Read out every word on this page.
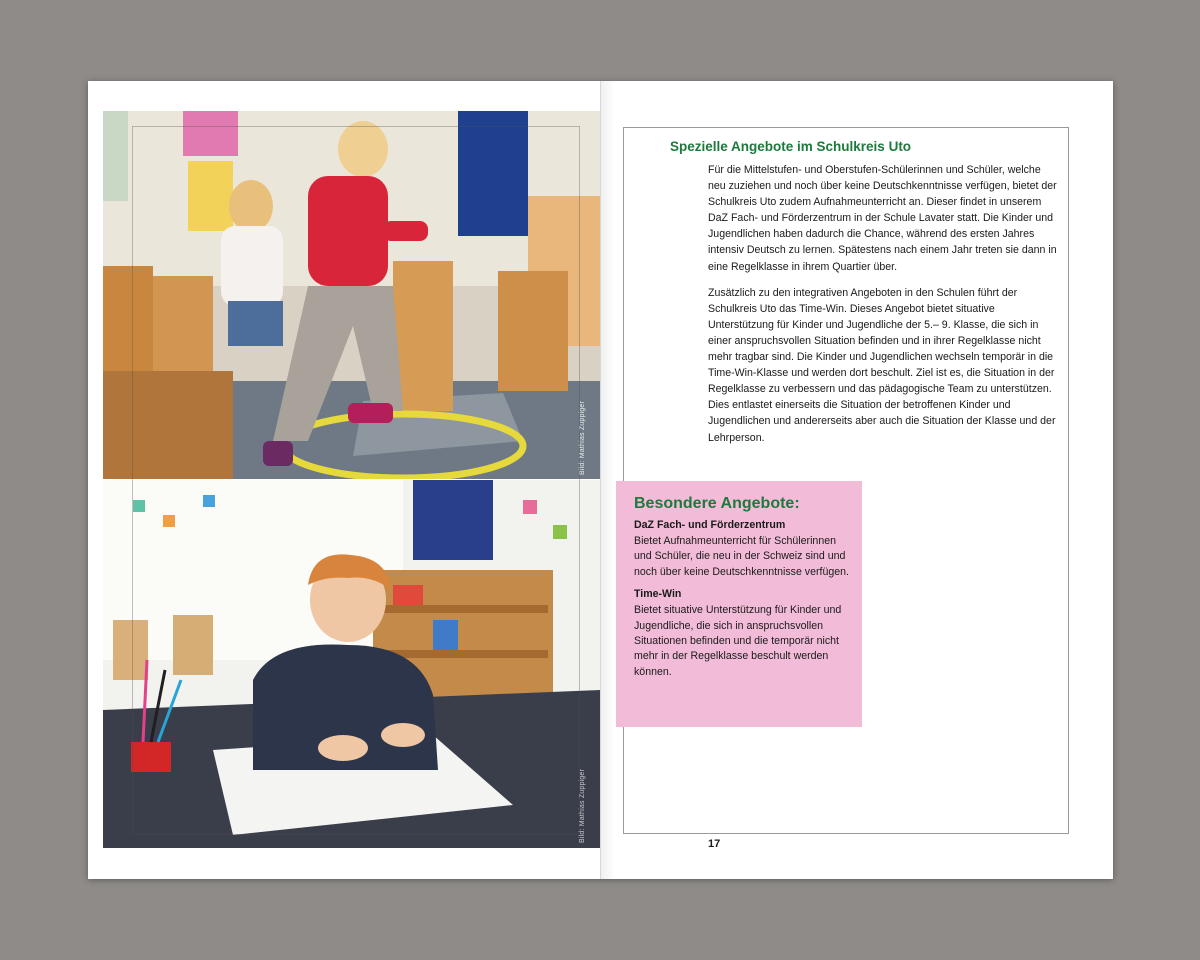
Bild: Mathias Zuppiger
Bild: Mathias Zuppiger
Spezielle Angebote im Schulkreis Uto

Für die Mittelstufen- und Oberstufen-Schülerinnen und Schüler, welche neu zuziehen und noch über keine Deutschkenntnisse verfügen, bietet der Schulkreis Uto zudem Aufnahmeunterricht an. Dieser findet in unserem DaZ Fach- und Förderzentrum in der Schule Lavater statt. Die Kinder und Jugendlichen haben dadurch die Chance, während des ersten Jahres intensiv Deutsch zu lernen. Spätestens nach einem Jahr treten sie dann in eine Regelklasse in ihrem Quartier über.

Zusätzlich zu den integrativen Angeboten in den Schulen führt der Schulkreis Uto das Time-Win. Dieses Angebot bietet situative Unterstützung für Kinder und Jugendliche der 5.– 9. Klasse, die sich in einer anspruchsvollen Situation befinden und in ihrer Regelklasse nicht mehr tragbar sind. Die Kinder und Jugendlichen wechseln temporär in die Time-Win-Klasse und werden dort beschult. Ziel ist es, die Situation in der Regelklasse zu verbessern und das pädagogische Team zu unterstützen. Dies entlastet einerseits die Situation der betroffenen Kinder und Jugendlichen und andererseits aber auch die Situation der Klasse und der Lehrperson.

Besondere Angebote:
DaZ Fach- und Förderzentrum
Bietet Aufnahmeunterricht für Schülerinnen und Schüler, die neu in der Schweiz sind und noch über keine Deutschkenntnisse verfügen.
Time-Win
Bietet situative Unterstützung für Kinder und Jugendliche, die sich in anspruchsvollen Situationen befinden und die temporär nicht mehr in der Regelklasse beschult werden können.
17
